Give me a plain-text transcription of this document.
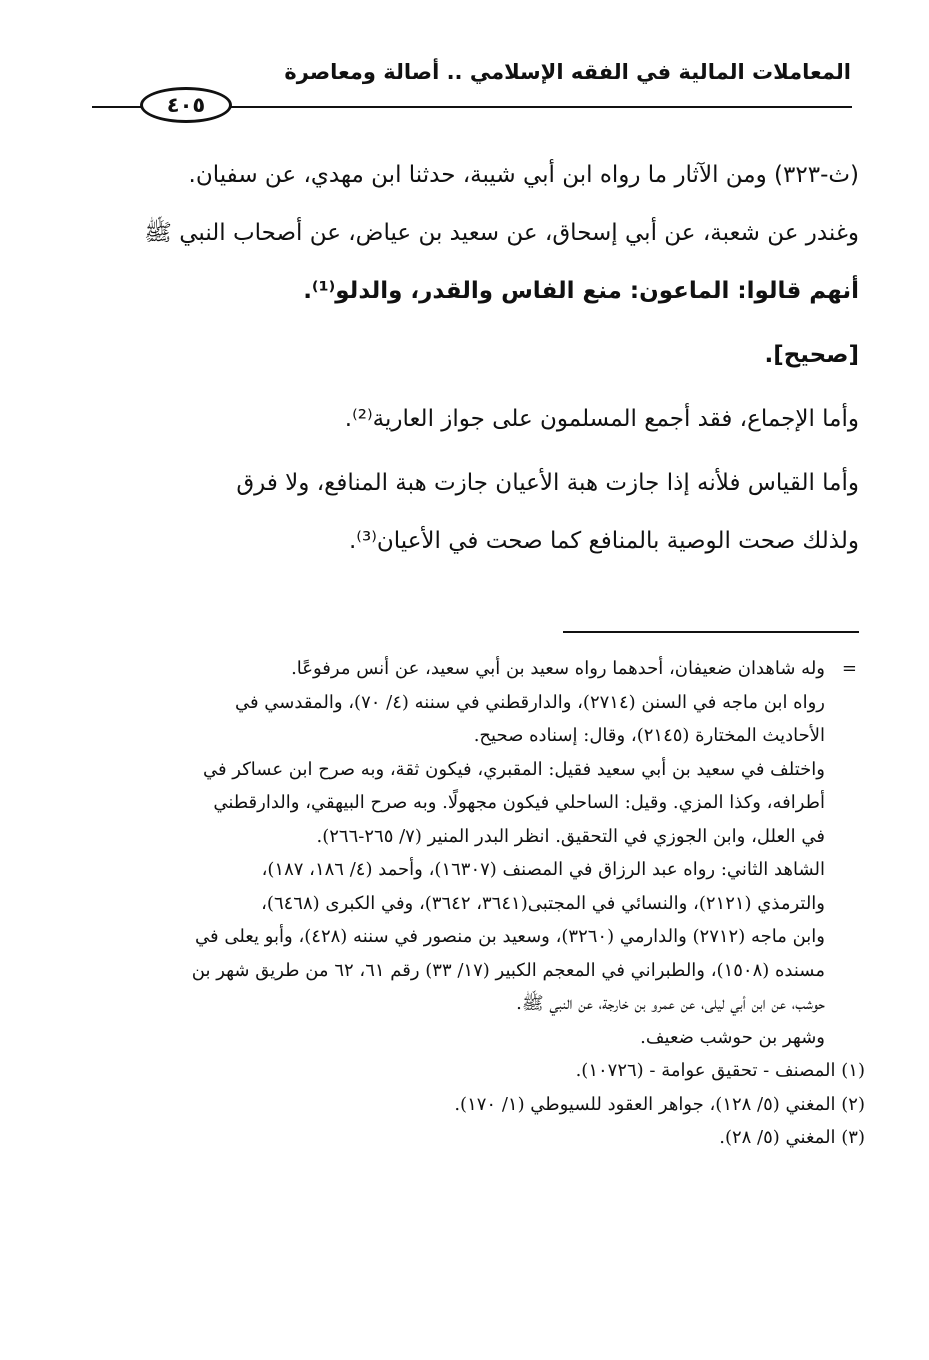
المعاملات المالية في الفقه الإسلامي .. أصالة ومعاصرة
٤٠٥
(ث-٣٢٣) ومن الآثار ما رواه ابن أبي شيبة، حدثنا ابن مهدي، عن سفيان.
وغندر عن شعبة، عن أبي إسحاق، عن سعيد بن عياض، عن أصحاب النبي ﷺ
أنهم قالوا: الماعون: منع الفاس والقدر، والدلو⁽¹⁾.
[صحيح].
وأما الإجماع، فقد أجمع المسلمون على جواز العارية⁽²⁾.
وأما القياس فلأنه إذا جازت هبة الأعيان جازت هبة المنافع، ولا فرق
ولذلك صحت الوصية بالمنافع كما صحت في الأعيان⁽³⁾.
=وله شاهدان ضعيفان، أحدهما رواه سعيد بن أبي سعيد، عن أنس مرفوعًا.
رواه ابن ماجه في السنن (٢٧١٤)، والدارقطني في سننه (٤/ ٧٠)، والمقدسي في
الأحاديث المختارة (٢١٤٥)، وقال: إسناده صحيح.
واختلف في سعيد بن أبي سعيد فقيل: المقبري، فيكون ثقة، وبه صرح ابن عساكر في
أطرافه، وكذا المزي. وقيل: الساحلي فيكون مجهولًا. وبه صرح البيهقي، والدارقطني
في العلل، وابن الجوزي في التحقيق. انظر البدر المنير (٧/ ٢٦٥-٢٦٦).
الشاهد الثاني: رواه عبد الرزاق في المصنف (١٦٣٠٧)، وأحمد (٤/ ١٨٦، ١٨٧)،
والترمذي (٢١٢١)، والنسائي في المجتبى(٣٦٤١، ٣٦٤٢)، وفي الكبرى (٦٤٦٨)،
وابن ماجه (٢٧١٢) والدارمي (٣٢٦٠)، وسعيد بن منصور في سننه (٤٢٨)، وأبو يعلى في
مسنده (١٥٠٨)، والطبراني في المعجم الكبير (١٧/ ٣٣) رقم ٦١، ٦٢ من طريق شهر بن
حوشب، عن ابن أبي ليلى، عن عمرو بن خارجة، عن النبي ﷺ.
وشهر بن حوشب ضعيف.
(١) المصنف - تحقيق عوامة - (١٠٧٢٦).
(٢) المغني (٥/ ١٢٨)، جواهر العقود للسيوطي (١/ ١٧٠).
(٣) المغني (٥/ ٢٨).
